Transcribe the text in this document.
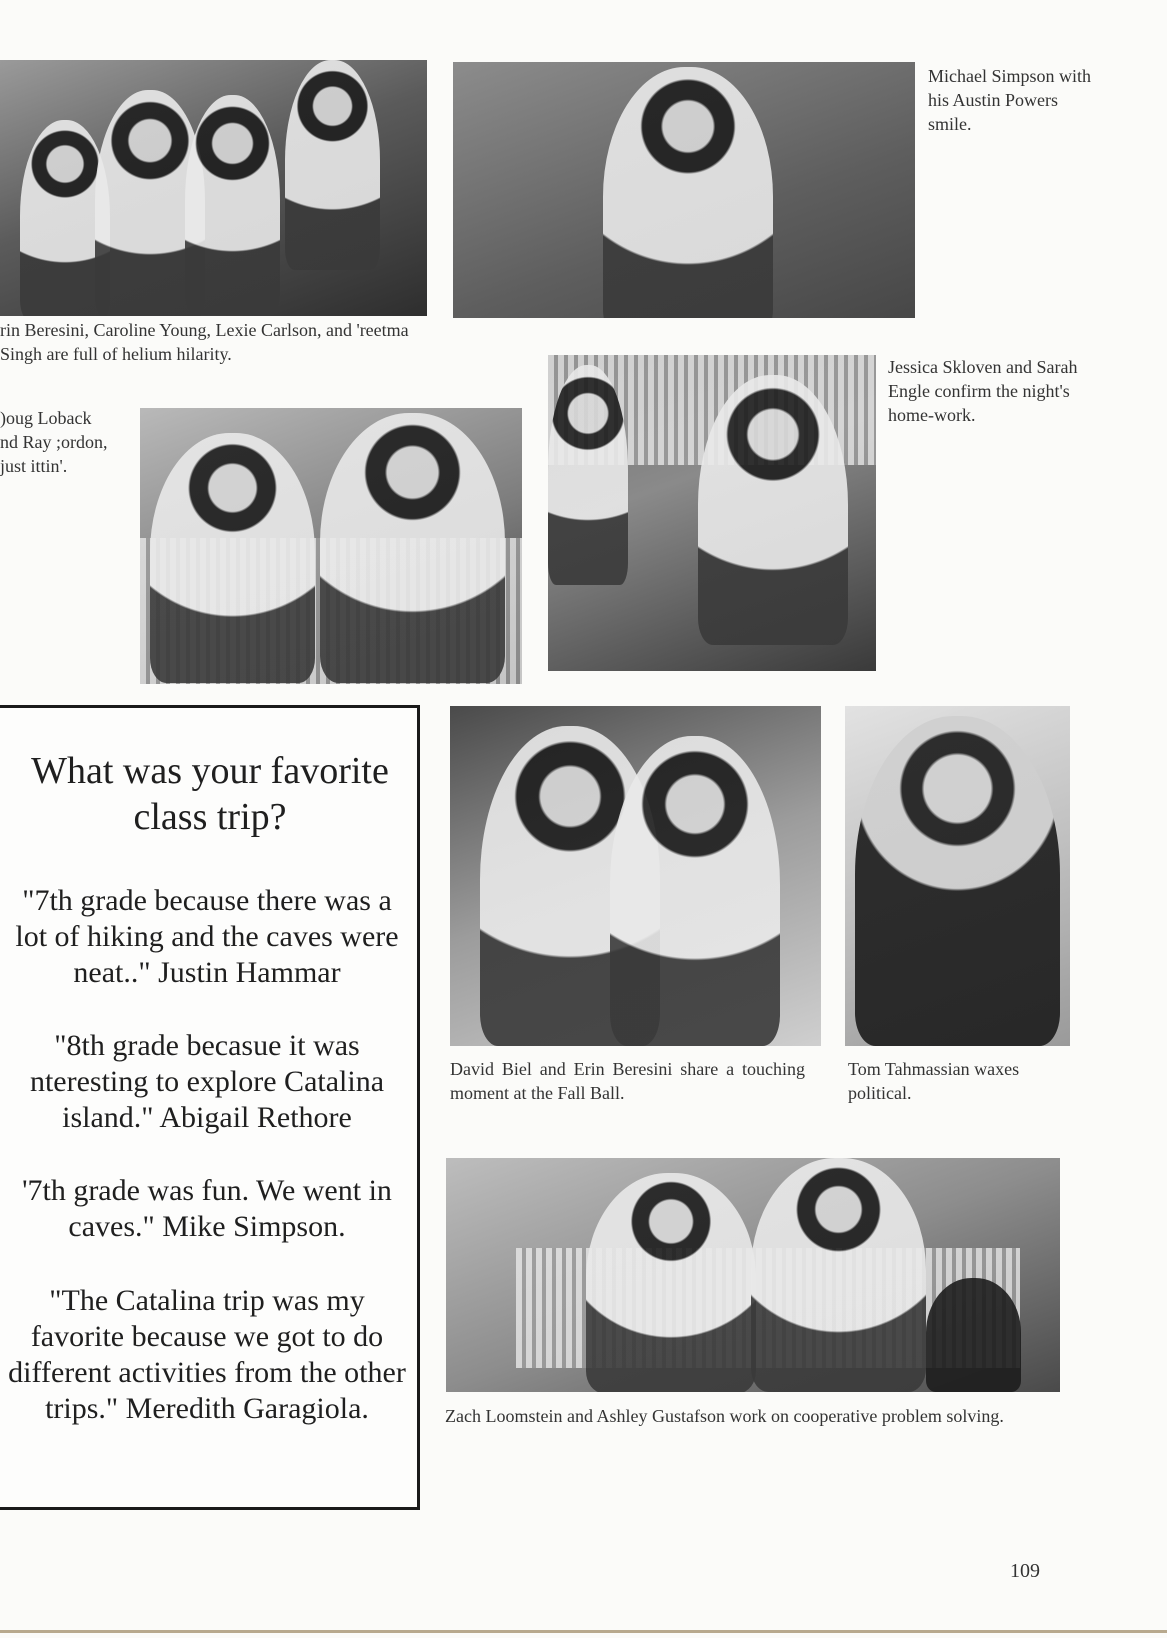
rin Beresini, Caroline Young, Lexie Carlson, and 'reetma Singh are full of helium hilarity.

Michael Simpson with his Austin Powers smile.

)oug Loback nd Ray ;ordon, just ittin'.

Jessica Skloven and Sarah Engle confirm the night's home-work.

What was your favorite class trip?

"7th grade because there was a lot of hiking and the caves were neat.." Justin Hammar

"8th grade becasue it was nteresting to explore Catalina island." Abigail Rethore

'7th grade was fun. We went in caves." Mike Simpson.

"The Catalina trip was my favorite because we got to do different activities from the other trips." Meredith Garagiola.

David Biel and Erin Beresini share a touching moment at the Fall Ball.

Tom Tahmassian waxes political.

Zach Loomstein and Ashley Gustafson work on cooperative problem solving.

109
